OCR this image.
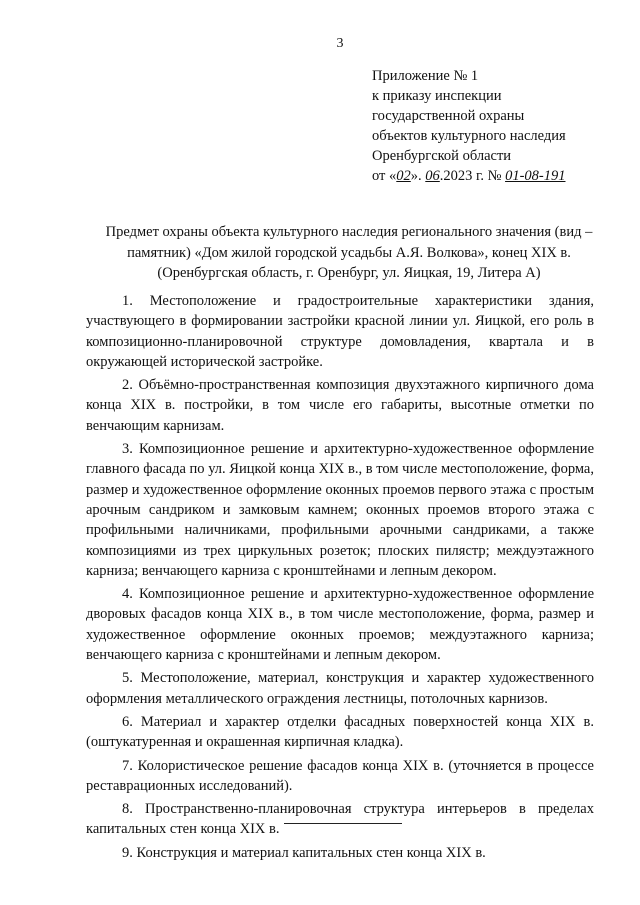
3
Приложение № 1
к приказу инспекции
государственной охраны
объектов культурного наследия
Оренбургской области
от «02». 06.2023 г. № 01-08-191
Предмет охраны объекта культурного наследия регионального значения (вид – памятник) «Дом жилой городской усадьбы А.Я. Волкова», конец XIX в. (Оренбургская область, г. Оренбург, ул. Яицкая, 19, Литера А)

1. Местоположение и градостроительные характеристики здания, участвующего в формировании застройки красной линии ул. Яицкой, его роль в композиционно-планировочной структуре домовладения, квартала и в окружающей исторической застройке.

2. Объёмно-пространственная композиция двухэтажного кирпичного дома конца XIX в. постройки, в том числе его габариты, высотные отметки по венчающим карнизам.

3. Композиционное решение и архитектурно-художественное оформление главного фасада по ул. Яицкой конца XIX в., в том числе местоположение, форма, размер и художественное оформление оконных проемов первого этажа с простым арочным сандриком и замковым камнем; оконных проемов второго этажа с профильными наличниками, профильными арочными сандриками, а также композициями из трех циркульных розеток; плоских пилястр; междуэтажного карниза; венчающего карниза с кронштейнами и лепным декором.

4. Композиционное решение и архитектурно-художественное оформление дворовых фасадов конца XIX в., в том числе местоположение, форма, размер и художественное оформление оконных проемов; междуэтажного карниза; венчающего карниза с кронштейнами и лепным декором.

5. Местоположение, материал, конструкция и характер художественного оформления металлического ограждения лестницы, потолочных карнизов.

6. Материал и характер отделки фасадных поверхностей конца XIX в. (оштукатуренная и окрашенная кирпичная кладка).

7. Колористическое решение фасадов конца XIX в. (уточняется в процессе реставрационных исследований).

8. Пространственно-планировочная структура интерьеров в пределах капитальных стен конца XIX в.

9. Конструкция и материал капитальных стен конца XIX в.
